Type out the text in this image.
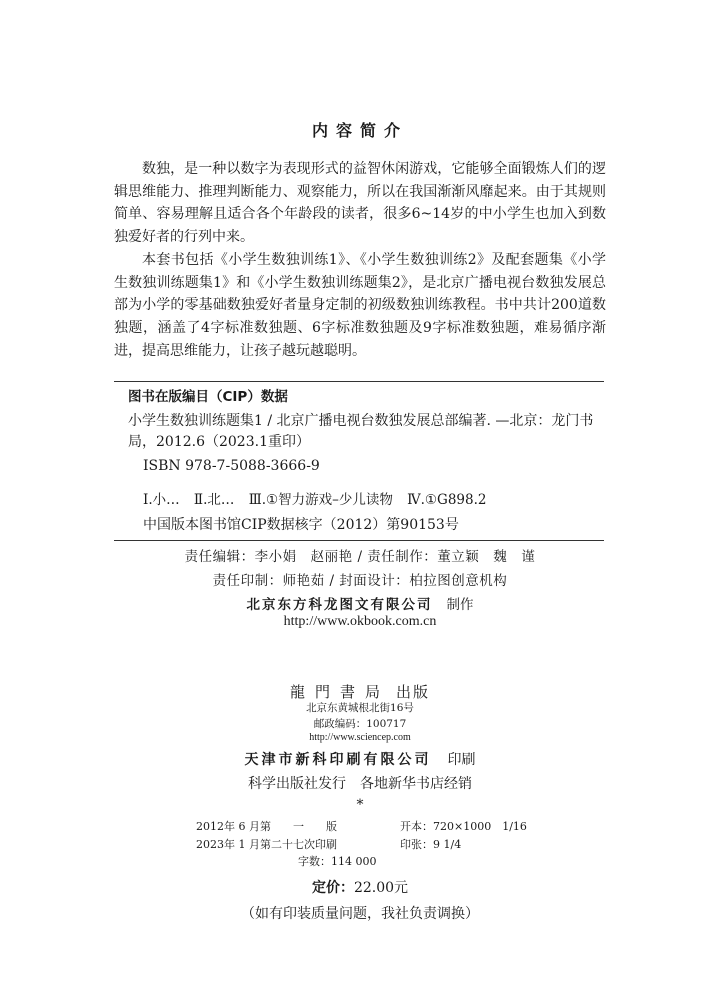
内容简介

数独，是一种以数字为表现形式的益智休闲游戏，它能够全面锻炼人们的逻辑思维能力、推理判断能力、观察能力，所以在我国渐渐风靡起来。由于其规则简单、容易理解且适合各个年龄段的读者，很多6~14岁的中小学生也加入到数独爱好者的行列中来。

本套书包括《小学生数独训练1》、《小学生数独训练2》及配套题集《小学生数独训练题集1》和《小学生数独训练题集2》，是北京广播电视台数独发展总部为小学的零基础数独爱好者量身定制的初级数独训练教程。书中共计200道数独题，涵盖了4字标准数独题、6字标准数独题及9字标准数独题，难易循序渐进，提高思维能力，让孩子越玩越聪明。

图书在版编目（CIP）数据
小学生数独训练题集1 / 北京广播电视台数独发展总部编著. —北京：龙门书局，2012.6（2023.1重印）
ISBN 978-7-5088-3666-9
Ⅰ.小… Ⅱ.北… Ⅲ.①智力游戏–少儿读物 Ⅳ.①G898.2
中国版本图书馆CIP数据核字（2012）第90153号
责任编辑：李小娟　赵丽艳 / 责任制作：董立颖　魏　谨
责任印制：师艳茹 / 封面设计：柏拉图创意机构
北京东方科龙图文有限公司 制作
http://www.okbook.com.cn
龍門書局 出版
北京东黄城根北街16号
邮政编码：100717
http://www.sciencep.com
天津市新科印刷有限公司 印刷
科学出版社发行 各地新华书店经销
*
2012年 6 月第　　一　　版	开本：720×1000　1/16
2023年 1 月第二十七次印刷	印张：9 1/4
字数：114 000
定价：22.00元
（如有印装质量问题，我社负责调换）
